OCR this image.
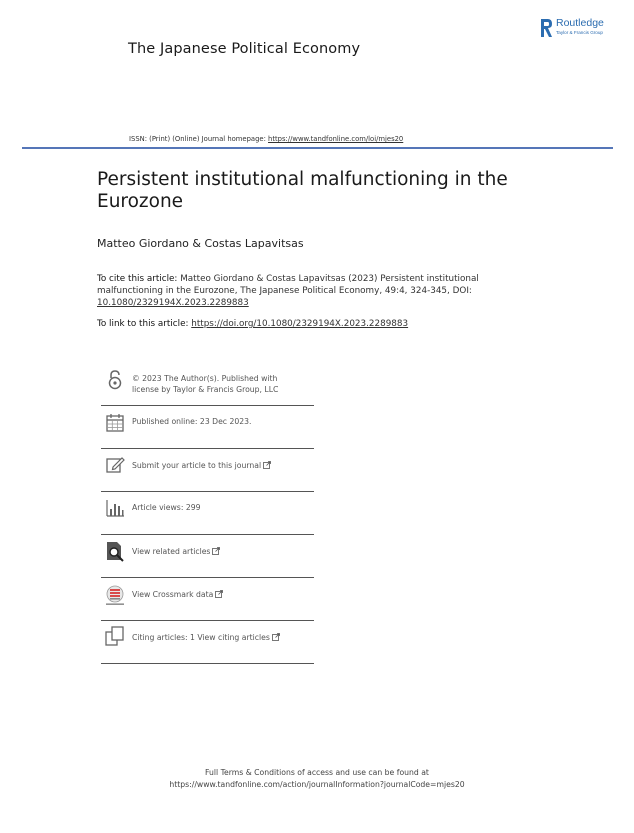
The Japanese Political Economy
Routledge
Taylor & Francis Group
ISSN: (Print) (Online) Journal homepage: https://www.tandfonline.com/loi/mjes20
Persistent institutional malfunctioning in the Eurozone
Matteo Giordano & Costas Lapavitsas
To cite this article: Matteo Giordano & Costas Lapavitsas (2023) Persistent institutional malfunctioning in the Eurozone, The Japanese Political Economy, 49:4, 324-345, DOI: 10.1080/2329194X.2023.2289883
To link to this article: https://doi.org/10.1080/2329194X.2023.2289883
© 2023 The Author(s). Published with
license by Taylor & Francis Group, LLC
Published online: 23 Dec 2023.
Submit your article to this journal
Article views: 299
View related articles
View Crossmark data
Citing articles: 1 View citing articles
Full Terms & Conditions of access and use can be found at
https://www.tandfonline.com/action/journalInformation?journalCode=mjes20
